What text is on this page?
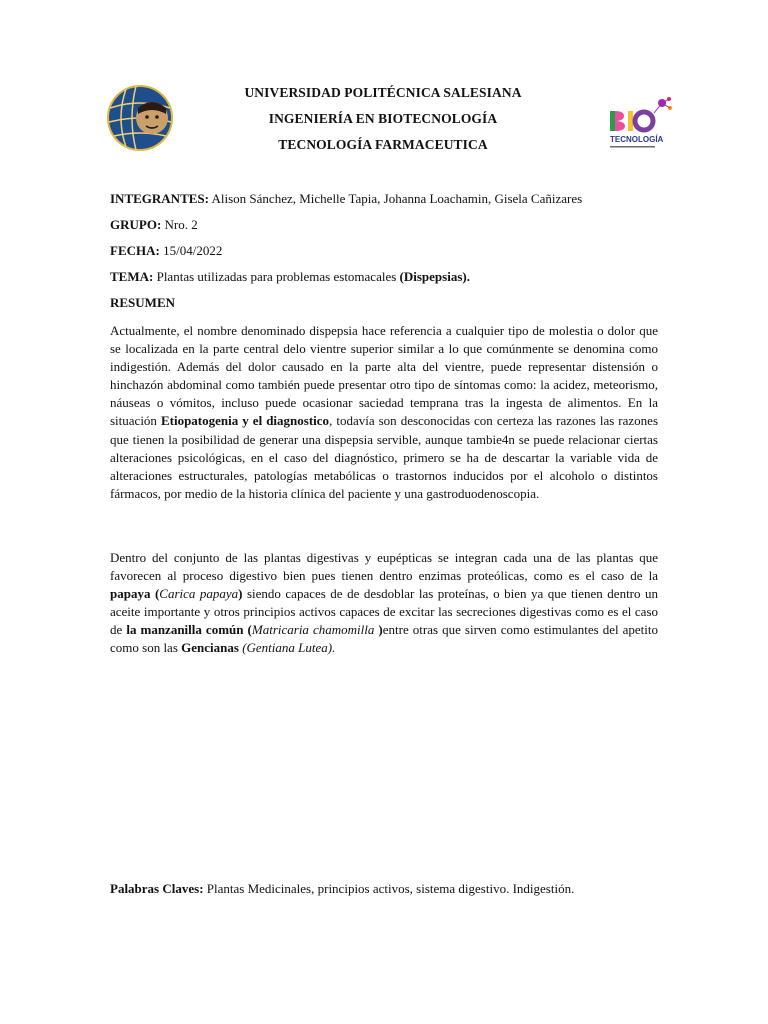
UNIVERSIDAD POLITÉCNICA SALESIANA
INGENIERÍA EN BIOTECNOLOGÍA
TECNOLOGÍA FARMACEUTICA	TECNOLOGÍA
INTEGRANTES: Alison Sánchez, Michelle Tapia, Johanna Loachamin, Gisela Cañizares
GRUPO: Nro. 2
FECHA: 15/04/2022
TEMA: Plantas utilizadas para problemas estomacales (Dispepsias).
RESUMEN
Actualmente, el nombre denominado dispepsia hace referencia a cualquier tipo de molestia o dolor que se localizada en la parte central delo vientre superior similar a lo que comúnmente se denomina como indigestión. Además del dolor causado en la parte alta del vientre, puede representar distensión o hinchazón abdominal como también puede presentar otro tipo de síntomas como: la acidez, meteorismo, náuseas o vómitos, incluso puede ocasionar saciedad temprana tras la ingesta de alimentos. En la situación Etiopatogenia y el diagnostico, todavía son desconocidas con certeza las razones las razones que tienen la posibilidad de generar una dispepsia servible, aunque tambie4n se puede relacionar ciertas alteraciones psicológicas, en el caso del diagnóstico, primero se ha de descartar la variable vida de alteraciones estructurales, patologías metabólicas o trastornos inducidos por el alcoholo o distintos fármacos, por medio de la historia clínica del paciente y una gastroduodenoscopia.
Dentro del conjunto de las plantas digestivas y eupépticas se integran cada una de las plantas que favorecen al proceso digestivo bien pues tienen dentro enzimas proteólicas, como es el caso de la papaya (Carica papaya) siendo capaces de de desdoblar las proteínas, o bien ya que tienen dentro un aceite importante y otros principios activos capaces de excitar las secreciones digestivas como es el caso de la manzanilla común (Matricaria chamomilla )entre otras que sirven como estimulantes del apetito como son las Gencianas (Gentiana Lutea).
Palabras Claves: Plantas Medicinales, principios activos, sistema digestivo. Indigestión.
